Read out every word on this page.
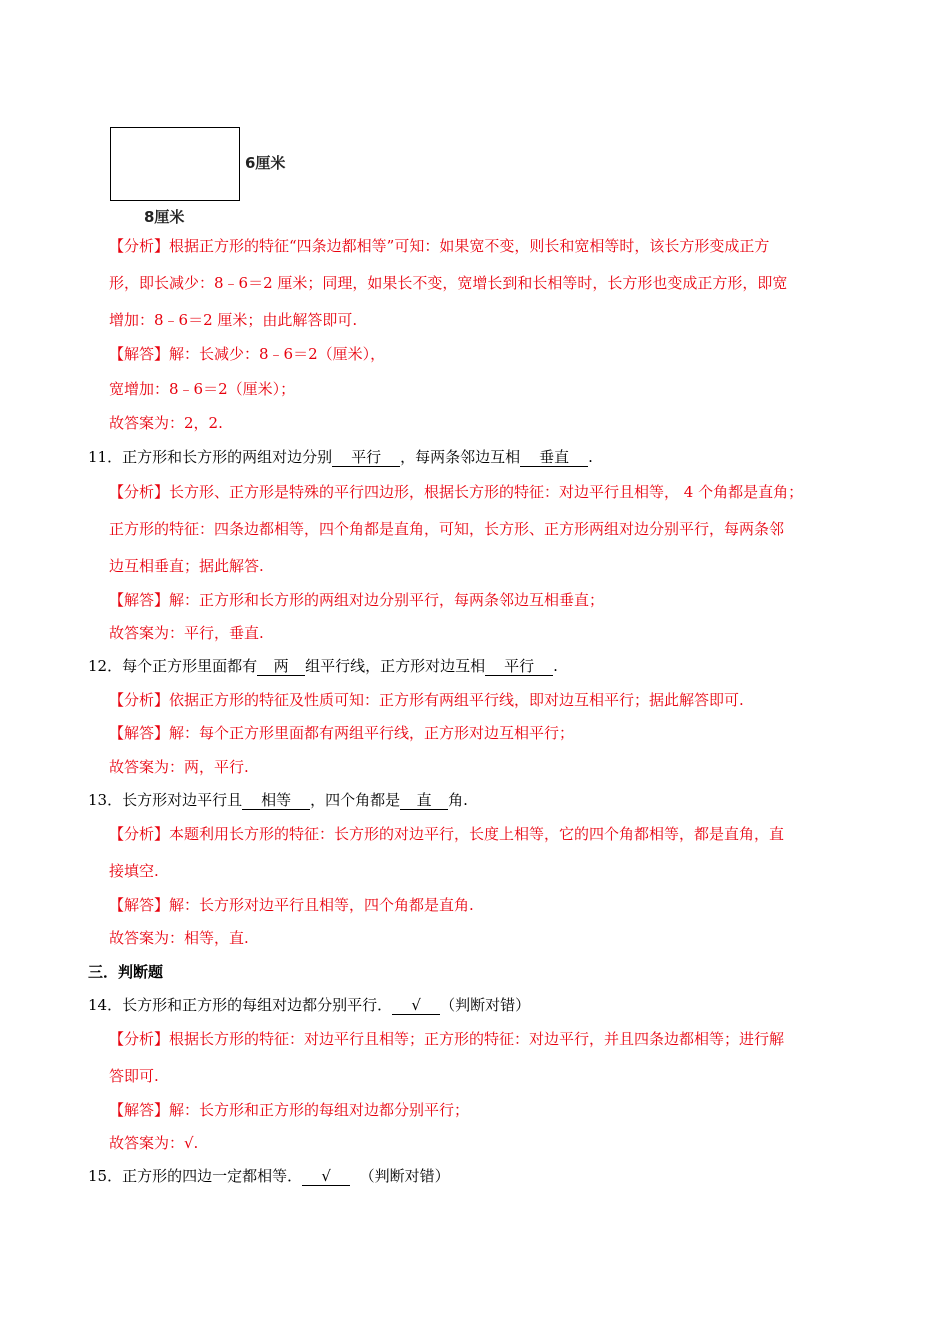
6厘米
8厘米
【分析】根据正方形的特征“四条边都相等”可知：如果宽不变，则长和宽相等时，该长方形变成正方
形，即长减少：8﹣6＝2 厘米；同理，如果长不变，宽增长到和长相等时，长方形也变成正方形，即宽
增加：8﹣6＝2 厘米；由此解答即可.
【解答】解：长减少：8﹣6＝2（厘米），
宽增加：8﹣6＝2（厘米）；
故答案为：2，2.
11．正方形和长方形的两组对边分别 平行 ，每两条邻边互相 垂直 .
【分析】长方形、正方形是特殊的平行四边形，根据长方形的特征：对边平行且相等， 4 个角都是直角；
正方形的特征：四条边都相等，四个角都是直角，可知，长方形、正方形两组对边分别平行，每两条邻
边互相垂直；据此解答.
【解答】解：正方形和长方形的两组对边分别平行，每两条邻边互相垂直；
故答案为：平行，垂直.
12．每个正方形里面都有 两 组平行线，正方形对边互相 平行 .
【分析】依据正方形的特征及性质可知：正方形有两组平行线，即对边互相平行；据此解答即可.
【解答】解：每个正方形里面都有两组平行线，正方形对边互相平行；
故答案为：两，平行.
13．长方形对边平行且 相等 ，四个角都是 直 角.
【分析】本题利用长方形的特征：长方形的对边平行，长度上相等，它的四个角都相等，都是直角，直
接填空.
【解答】解：长方形对边平行且相等，四个角都是直角.
故答案为：相等，直.
三．判断题
14．长方形和正方形的每组对边都分别平行． √ （判断对错）
【分析】根据长方形的特征：对边平行且相等；正方形的特征：对边平行，并且四条边都相等；进行解
答即可.
【解答】解：长方形和正方形的每组对边都分别平行；
故答案为：√.
15．正方形的四边一定都相等． √ （判断对错）
